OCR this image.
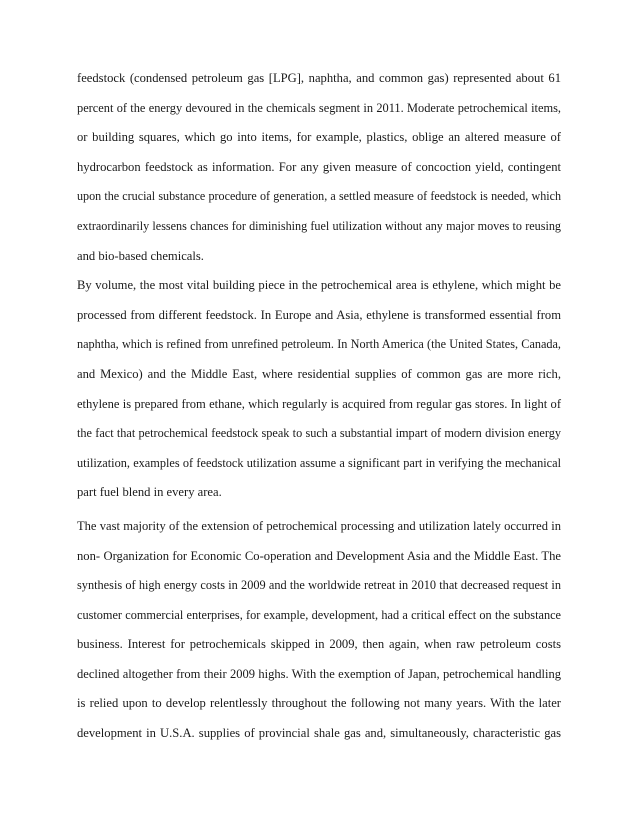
feedstock (condensed petroleum gas [LPG], naphtha, and common gas) represented about 61
percent of the energy devoured in the chemicals segment in 2011. Moderate petrochemical items,
or building squares, which go into items, for example, plastics, oblige an altered measure of
hydrocarbon feedstock as information. For any given measure of concoction yield, contingent
upon the crucial substance procedure of generation, a settled measure of feedstock is needed, which
extraordinarily lessens chances for diminishing fuel utilization without any major moves to reusing
and bio-based chemicals.
By volume, the most vital building piece in the petrochemical area is ethylene, which might be
processed from different feedstock. In Europe and Asia, ethylene is transformed essential from
naphtha, which is refined from unrefined petroleum. In North America (the United States, Canada,
and Mexico) and the Middle East, where residential supplies of common gas are more rich,
ethylene is prepared from ethane, which regularly is acquired from regular gas stores. In light of
the fact that petrochemical feedstock speak to such a substantial impart of modern division energy
utilization, examples of feedstock utilization assume a significant part in verifying the mechanical
part fuel blend in every area.
The vast majority of the extension of petrochemical processing and utilization lately occurred in
non- Organization for Economic Co-operation and Development Asia and the Middle East. The
synthesis of high energy costs in 2009 and the worldwide retreat in 2010 that decreased request in
customer commercial enterprises, for example, development, had a critical effect on the substance
business. Interest for petrochemicals skipped in 2009, then again, when raw petroleum costs
declined altogether from their 2009 highs. With the exemption of Japan, petrochemical handling
is relied upon to develop relentlessly throughout the following not many years. With the later
development in U.S.A. supplies of provincial shale gas and, simultaneously, characteristic gas
